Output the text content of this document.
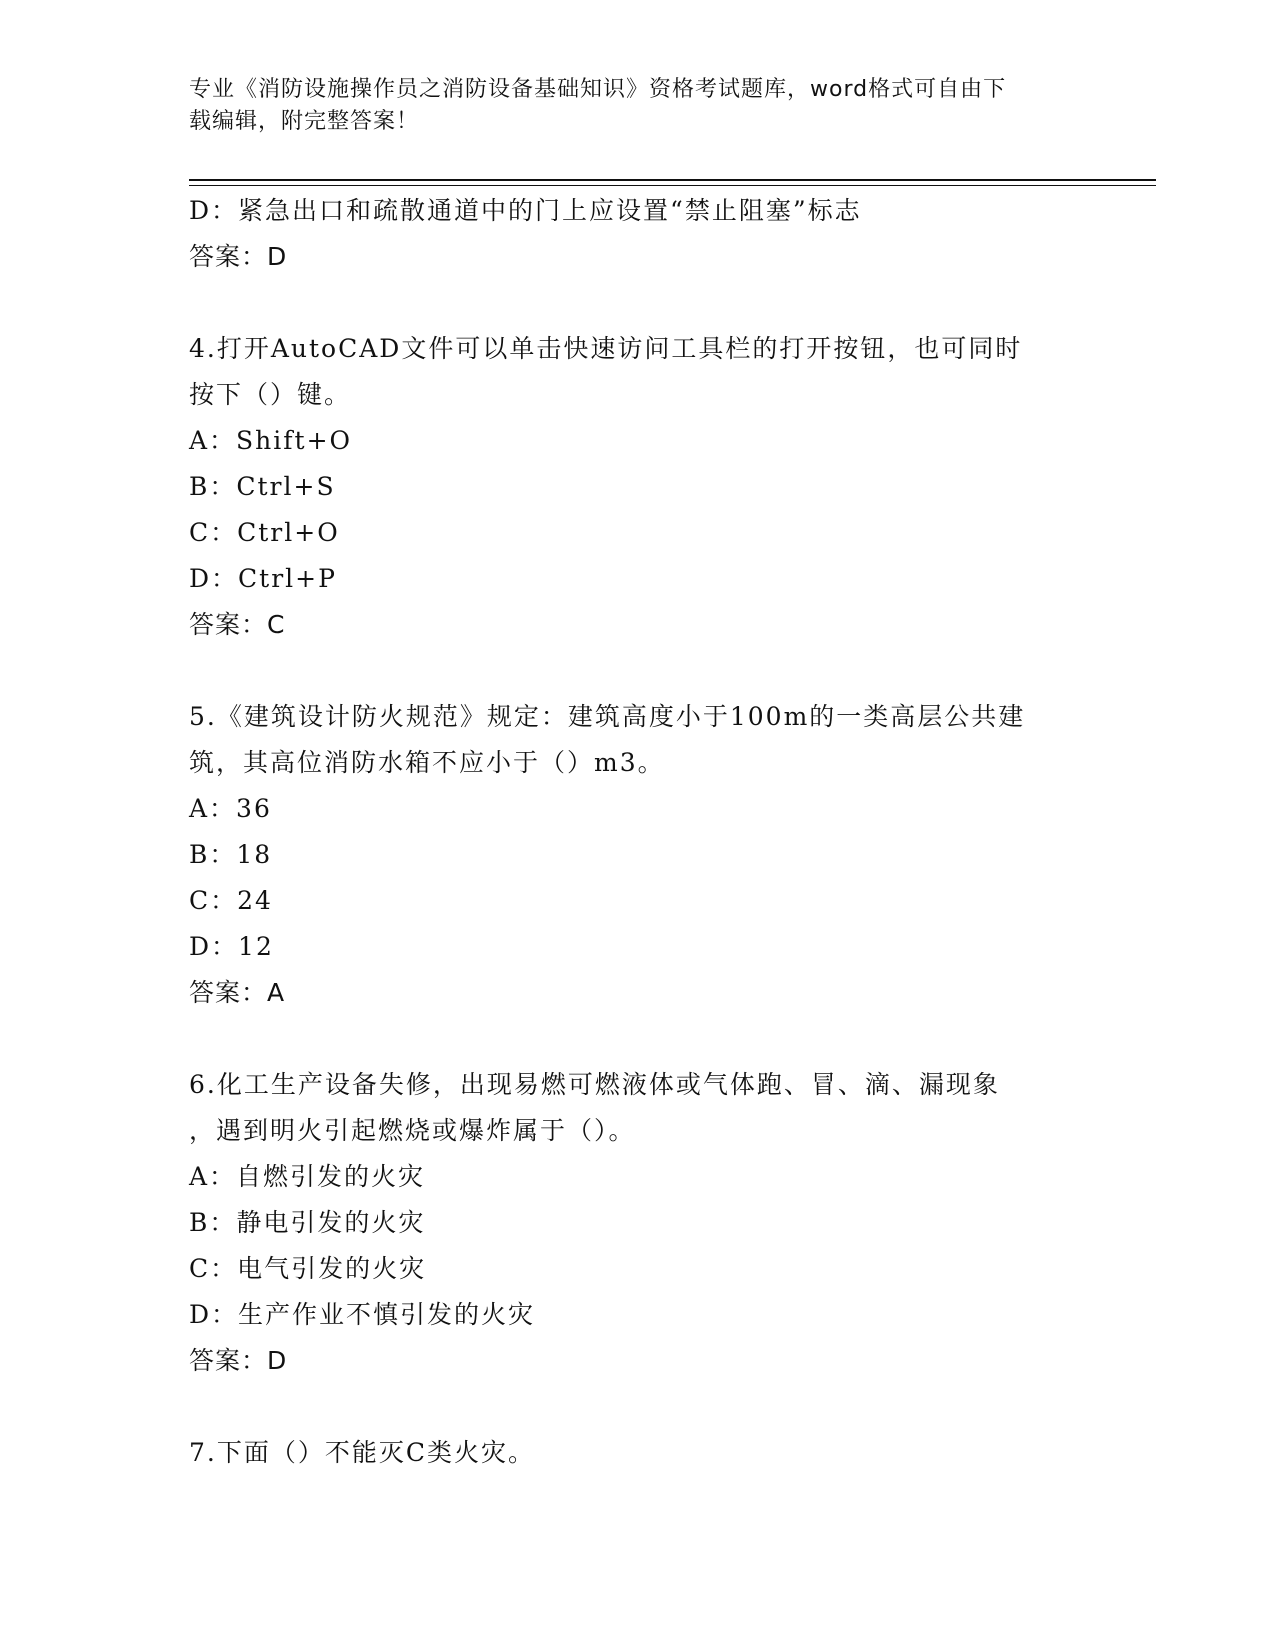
专业《消防设施操作员之消防设备基础知识》资格考试题库，word格式可自由下
载编辑，附完整答案！
D：紧急出口和疏散通道中的门上应设置“禁止阻塞”标志
答案：D
4.打开AutoCAD文件可以单击快速访问工具栏的打开按钮，也可同时
按下（）键。
A：Shift+O
B：Ctrl+S
C：Ctrl+O
D：Ctrl+P
答案：C
5.《建筑设计防火规范》规定：建筑高度小于100m的一类高层公共建
筑，其高位消防水箱不应小于（）m3。
A：36
B：18
C：24
D：12
答案：A
6.化工生产设备失修，出现易燃可燃液体或气体跑、冒、滴、漏现象
，遇到明火引起燃烧或爆炸属于（）。
A：自燃引发的火灾
B：静电引发的火灾
C：电气引发的火灾
D：生产作业不慎引发的火灾
答案：D
7.下面（）不能灭C类火灾。
